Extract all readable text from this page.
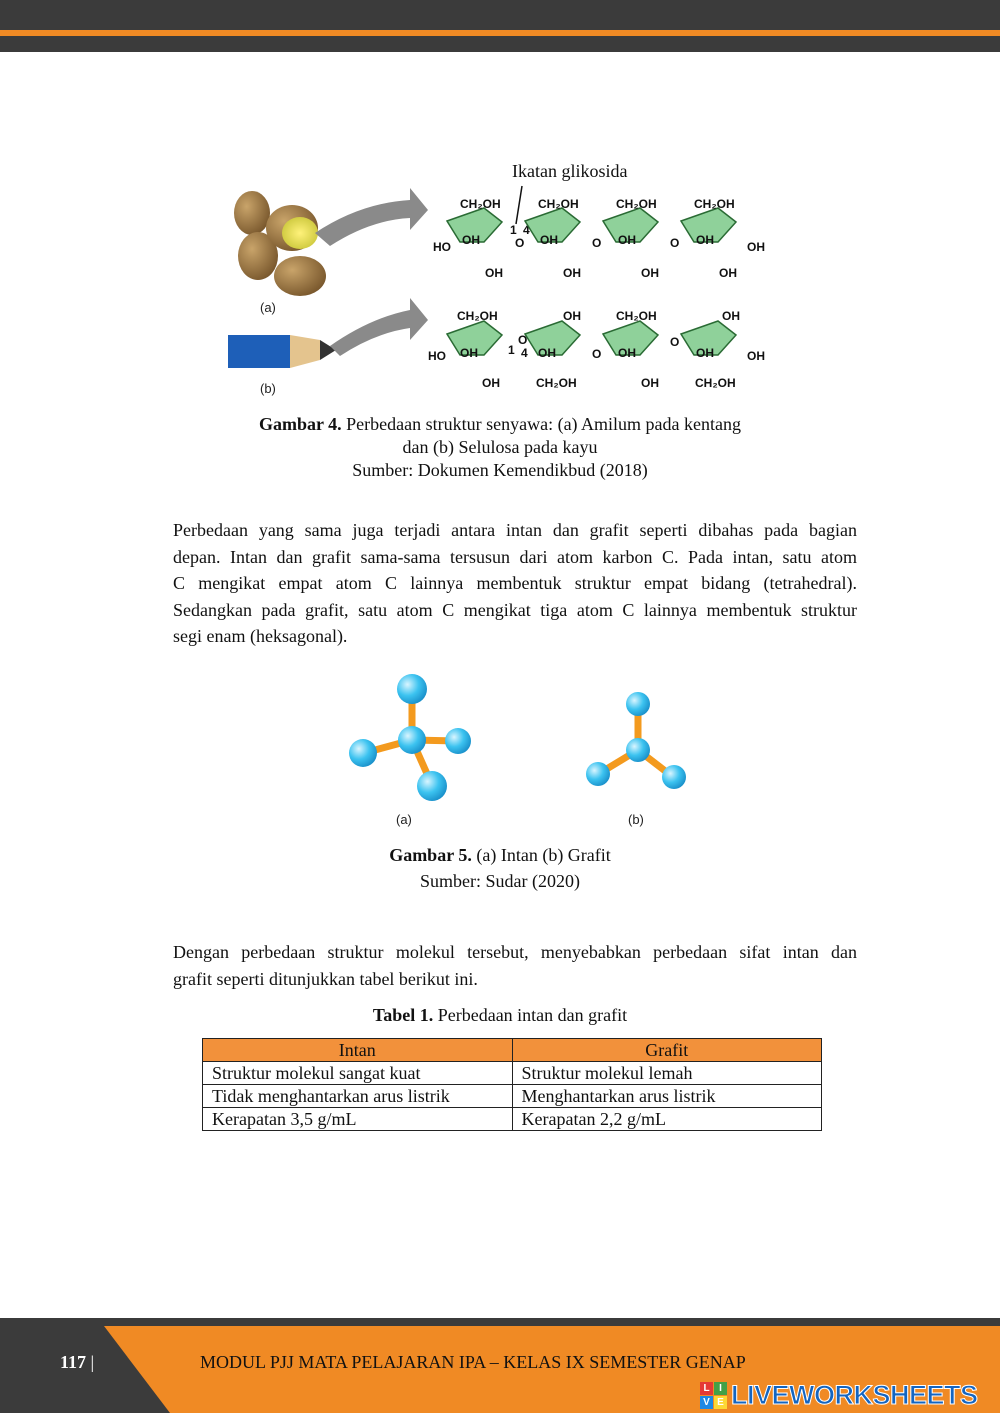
(a)
(b)
Ikatan glikosida
CH₂OH
OH
OH
HO
1 4
O
CH₂OH
OH
OH
O
CH₂OH
OH
OH
O
CH₂OH
OH
OH
OH
CH₂OH
OH
OH
HO	1
O
4
OH
OH
CH₂OH
O
CH₂OH
OH
OH
O
OH
OH
CH₂OH
OH
Gambar 4. Perbedaan struktur senyawa: (a) Amilum pada kentang
dan (b) Selulosa pada kayu
Sumber: Dokumen Kemendikbud (2018)
Perbedaan yang sama juga terjadi antara intan dan grafit seperti dibahas pada bagian
depan. Intan dan grafit sama-sama tersusun dari atom karbon C. Pada intan, satu atom
C mengikat empat atom C lainnya membentuk struktur empat bidang (tetrahedral).
Sedangkan pada grafit, satu atom C mengikat tiga atom C lainnya membentuk struktur
segi enam (heksagonal).
(a)	(b)
Gambar 5. (a) Intan (b) Grafit
Sumber: Sudar (2020)
Dengan perbedaan struktur molekul tersebut, menyebabkan perbedaan sifat intan dan
grafit seperti ditunjukkan tabel berikut ini.
Tabel 1. Perbedaan intan dan grafit
Intan	Grafit
Struktur molekul sangat kuat	Struktur molekul lemah
Tidak menghantarkan arus listrik	Menghantarkan arus listrik
Kerapatan 3,5 g/mL	Kerapatan 2,2 g/mL
117 |	MODUL PJJ MATA PELAJARAN IPA – KELAS IX SEMESTER GENAP
L I
V E LIVEWORKSHEETS
